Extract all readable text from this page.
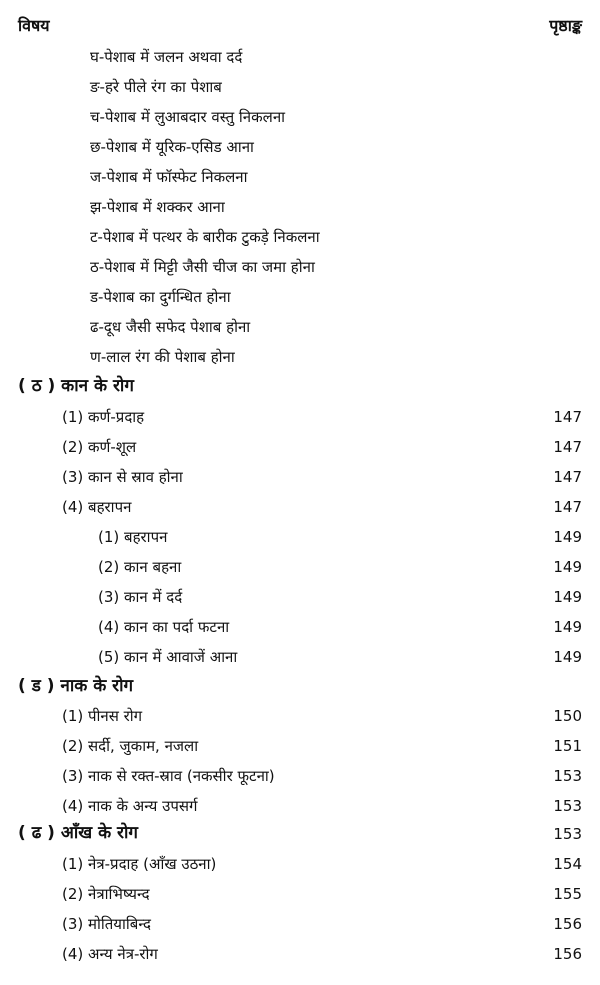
विषय	पृष्ठाङ्क
घ-पेशाब में जलन अथवा दर्द
ङ-हरे पीले रंग का पेशाब
च-पेशाब में लुआबदार वस्तु निकलना
छ-पेशाब में यूरिक-एसिड आना
ज-पेशाब में फॉस्फेट निकलना
झ-पेशाब में शक्कर आना
ट-पेशाब में पत्थर के बारीक टुकड़े निकलना
ठ-पेशाब में मिट्टी जैसी चीज का जमा होना
ड-पेशाब का दुर्गन्धित होना
ढ-दूध जैसी सफेद पेशाब होना
ण-लाल रंग की पेशाब होना
( ठ ) कान के रोग
(1) कर्ण-प्रदाह	147
(2) कर्ण-शूल	147
(3) कान से स्राव होना	147
(4) बहरापन	147
(1) बहरापन	149
(2) कान बहना	149
(3) कान में दर्द	149
(4) कान का पर्दा फटना	149
(5) कान में आवाजें आना	149
( ड ) नाक के रोग
(1) पीनस रोग	150
(2) सर्दी, जुकाम, नजला	151
(3) नाक से रक्त-स्राव (नकसीर फूटना)	153
(4) नाक के अन्य उपसर्ग	153
( ढ ) आँख के रोग	153
(1) नेत्र-प्रदाह (आँख उठना)	154
(2) नेत्राभिष्यन्द	155
(3) मोतियाबिन्द	156
(4) अन्य नेत्र-रोग	156
